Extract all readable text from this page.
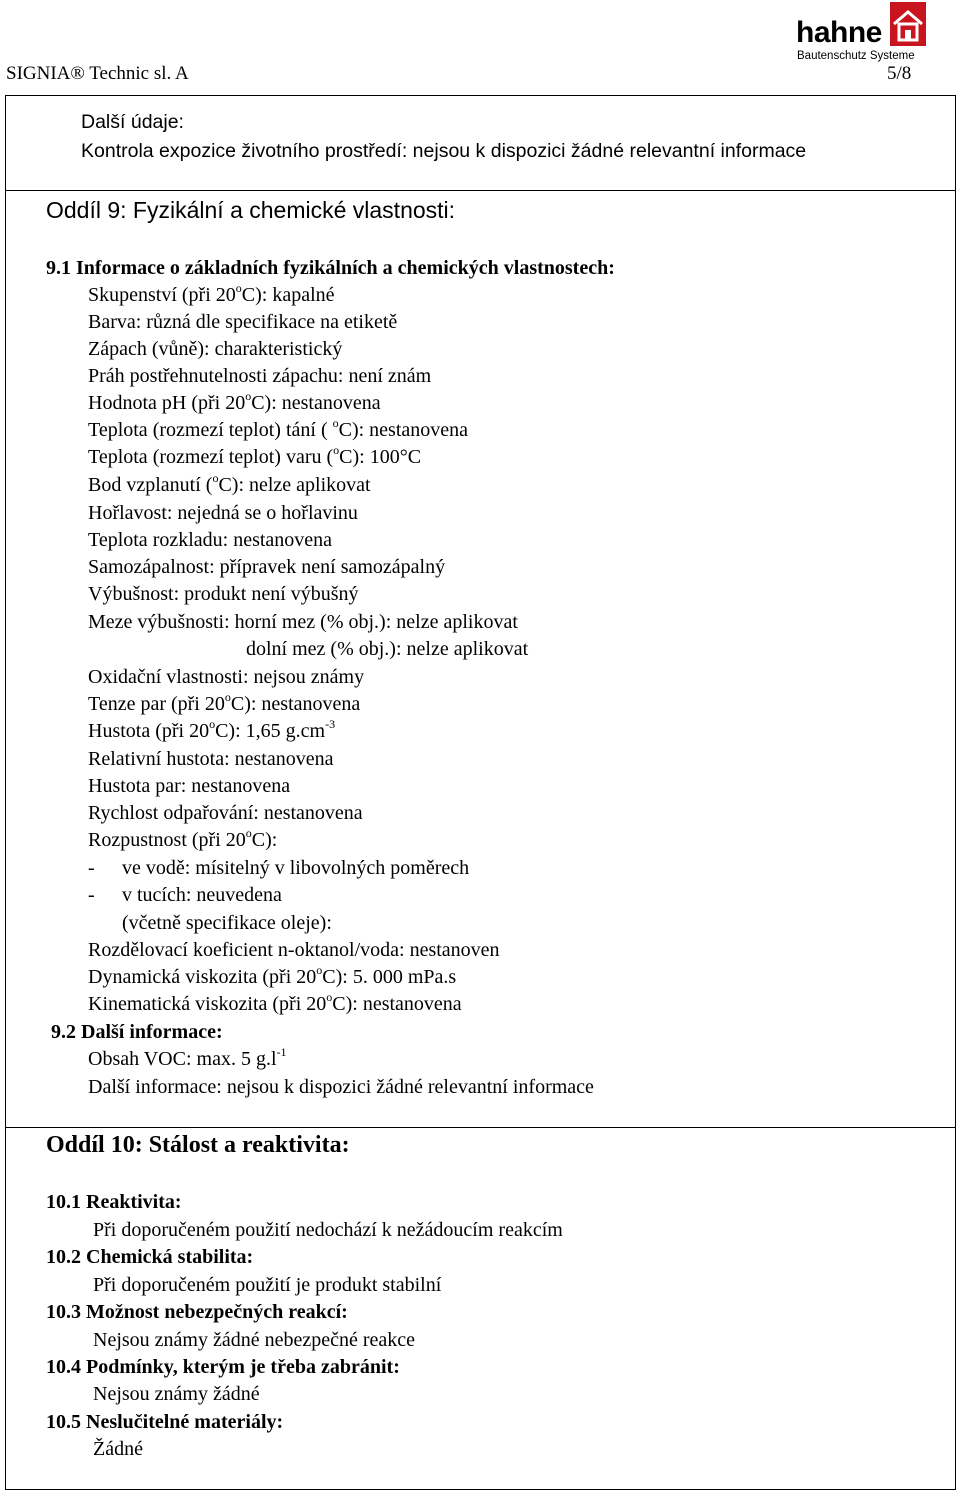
SIGNIA® Technic sl. A	5/8
hahne
Bautenschutz Systeme
Další údaje:
Kontrola expozice životního prostředí: nejsou k dispozici žádné relevantní informace
Oddíl 9: Fyzikální a chemické vlastnosti:
9.1 Informace o základních fyzikálních a chemických vlastnostech:
Skupenství (při 20$^o$C): kapalné
Barva: různá dle specifikace na etiketě
Zápach (vůně): charakteristický
Práh postřehnutelnosti zápachu: není znám
Hodnota pH (při 20$^o$C): nestanovena
Teplota (rozmezí teplot) tání ( $^o$C): nestanovena
Teplota (rozmezí teplot) varu ($^o$C): 100°C
Bod vzplanutí ($^o$C): nelze aplikovat
Hořlavost: nejedná se o hořlavinu
Teplota rozkladu: nestanovena
Samozápalnost: přípravek není samozápalný
Výbušnost: produkt není výbušný
Meze výbušnosti: horní mez (% obj.): nelze aplikovat
dolní mez (% obj.): nelze aplikovat
Oxidační vlastnosti: nejsou známy
Tenze par (při 20$^o$C): nestanovena
Hustota (při 20$^o$C): 1,65 $g.cm^{-3}$
Relativní hustota: nestanovena
Hustota par: nestanovena
Rychlost odpařování: nestanovena
Rozpustnost (při 20$^o$C):
- ve vodě: mísitelný v libovolných poměrech
- v tucích: neuvedena
(včetně specifikace oleje):
Rozdělovací koeficient n-oktanol/voda: nestanoven
Dynamická viskozita (při 20$^o$C): 5. 000 mPa.s
Kinematická viskozita (při 20$^o$C): nestanovena
9.2 Další informace:
Obsah VOC: max. 5 $g.l^{-1}$
Další informace: nejsou k dispozici žádné relevantní informace
Oddíl 10: Stálost a reaktivita:
10.1 Reaktivita:
Při doporučeném použití nedochází k nežádoucím reakcím
10.2 Chemická stabilita:
Při doporučeném použití je produkt stabilní
10.3 Možnost nebezpečných reakcí:
Nejsou známy žádné nebezpečné reakce
10.4 Podmínky, kterým je třeba zabránit:
Nejsou známy žádné
10.5 Neslučitelné materiály:
Žádné
